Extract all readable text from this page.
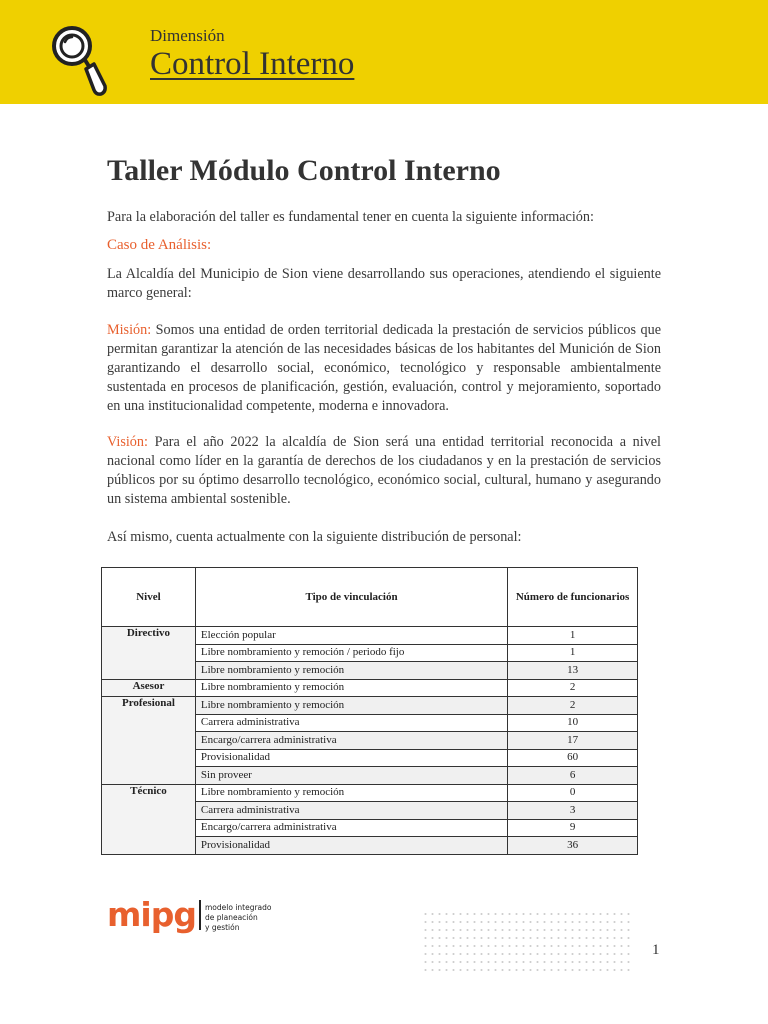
Dimensión
Control Interno
Taller Módulo Control Interno

Para la elaboración del taller es fundamental tener en cuenta la siguiente información:

Caso de Análisis:

La Alcaldía del Municipio de Sion viene desarrollando sus operaciones, atendiendo el siguiente marco general:

Misión: Somos una entidad de orden territorial dedicada la prestación de servicios públicos que permitan garantizar la atención de las necesidades básicas de los habitantes del Munición de Sion garantizando el desarrollo social, económico, tecnológico y responsable ambientalmente sustentada en procesos de planificación, gestión, evaluación, control y mejoramiento, soportado en una institucionalidad competente, moderna e innovadora.

Visión: Para el año 2022 la alcaldía de Sion será una entidad territorial reconocida a nivel nacional como líder en la garantía de derechos de los ciudadanos y en la prestación de servicios públicos por su óptimo desarrollo tecnológico, económico social, cultural, humano y asegurando un sistema ambiental sostenible.

Así mismo, cuenta actualmente con la siguiente distribución de personal:

Nivel	Tipo de vinculación	Número de funcionarios
Directivo	Elección popular	1
	Libre nombramiento y remoción / periodo fijo	1
	Libre nombramiento y remoción	13
Asesor	Libre nombramiento y remoción	2
Profesional	Libre nombramiento y remoción	2
	Carrera administrativa	10
	Encargo/carrera administrativa	17
	Provisionalidad	60
	Sin proveer	6
Técnico	Libre nombramiento y remoción	0
	Carrera administrativa	3
	Encargo/carrera administrativa	9
	Provisionalidad	36
mipg modelo integrado
de planeación
y gestión
1
